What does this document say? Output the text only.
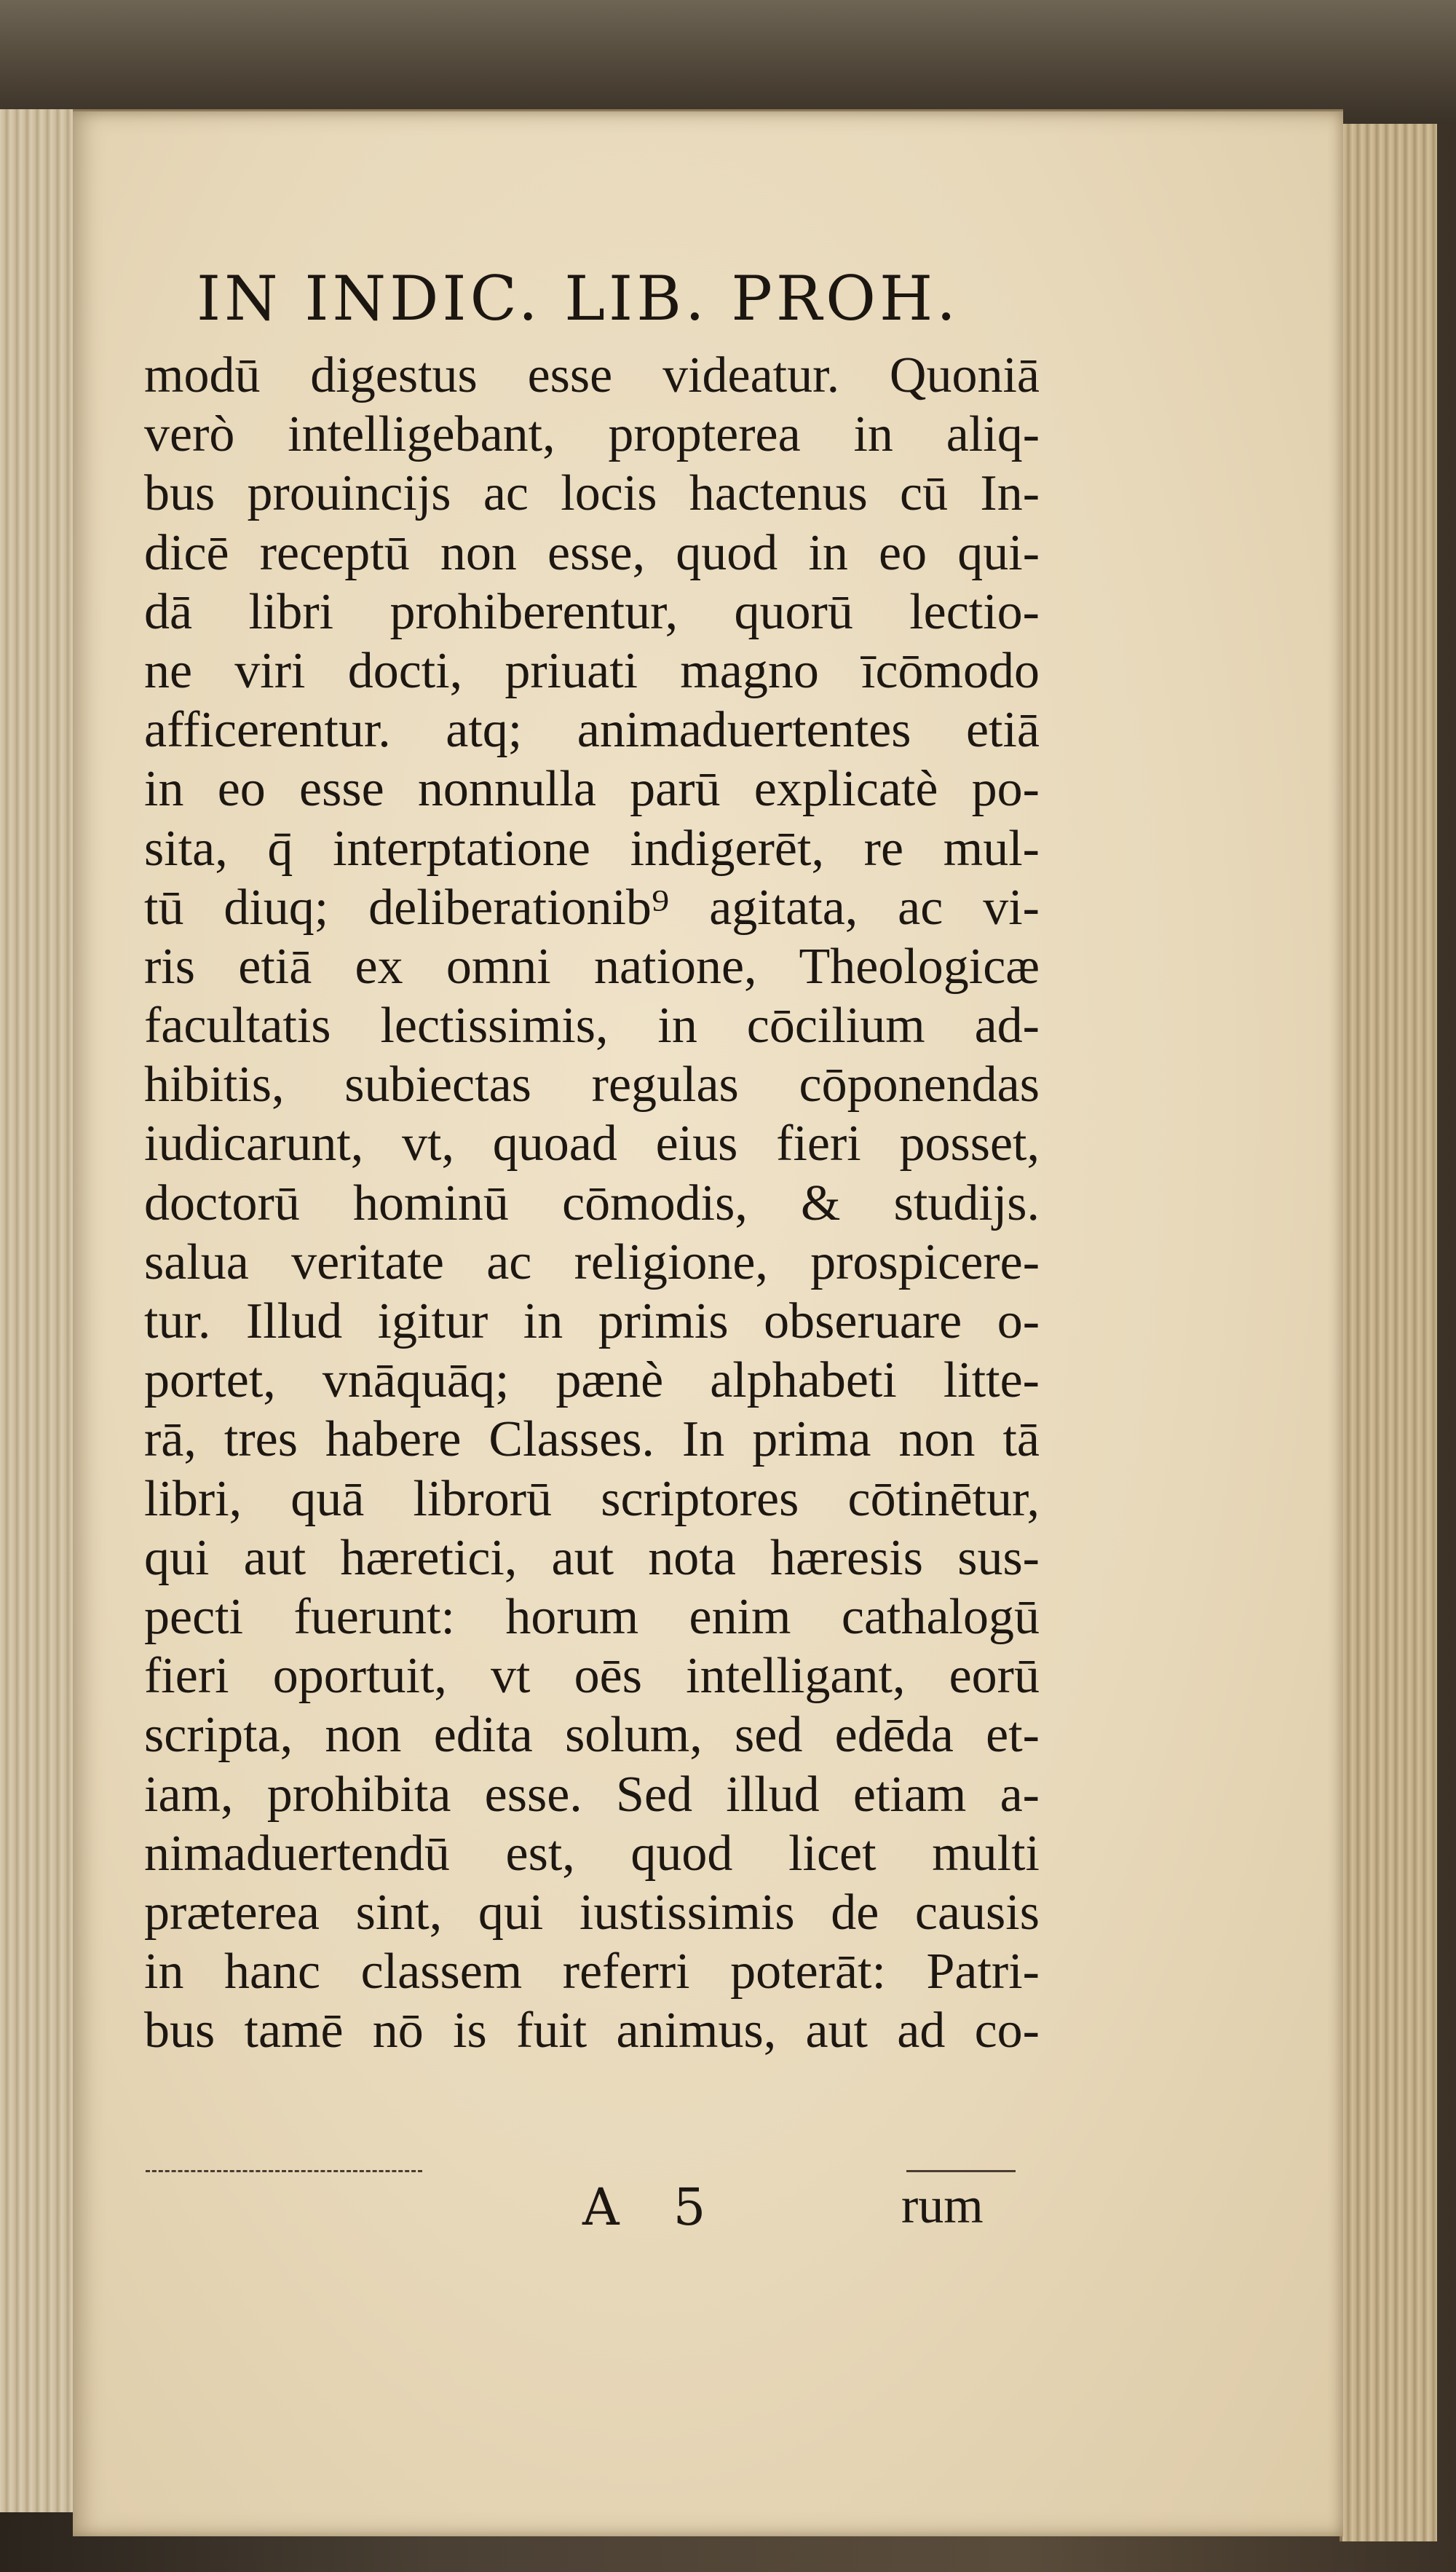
IN INDIC. LIB. PROH.
modū digestus esse videatur. Quoniā
verò intelligebant, propterea in aliq-
bus prouincijs ac locis hactenus cū In-
dicē receptū non esse, quod in eo qui-
dā libri prohiberentur, quorū lectio-
ne viri docti, priuati magno īcōmodo
afficerentur. atq; animaduertentes etiā
in eo esse nonnulla parū explicatè po-
sita, q̄ interptatione indigerēt, re mul-
tū diuq; deliberationib⁹ agitata, ac vi-
ris etiā ex omni natione, Theologicæ
facultatis lectissimis, in cōcilium ad-
hibitis, subiectas regulas cōponendas
iudicarunt, vt, quoad eius fieri posset,
doctorū hominū cōmodis, & studijs.
salua veritate ac religione, prospicere-
tur. Illud igitur in primis obseruare o-
portet, vnāquāq; pænè alphabeti litte-
rā, tres habere Classes. In prima non tā
libri, quā librorū scriptores cōtinētur,
qui aut hæretici, aut nota hæresis sus-
pecti fuerunt: horum enim cathalogū
fieri oportuit, vt oēs intelligant, eorū
scripta, non edita solum, sed edēda et-
iam, prohibita esse. Sed illud etiam a-
nimaduertendū est, quod licet multi
præterea sint, qui iustissimis de causis
in hanc classem referri poterāt: Patri-
bus tamē nō is fuit animus, aut ad co-
A 5	rum
